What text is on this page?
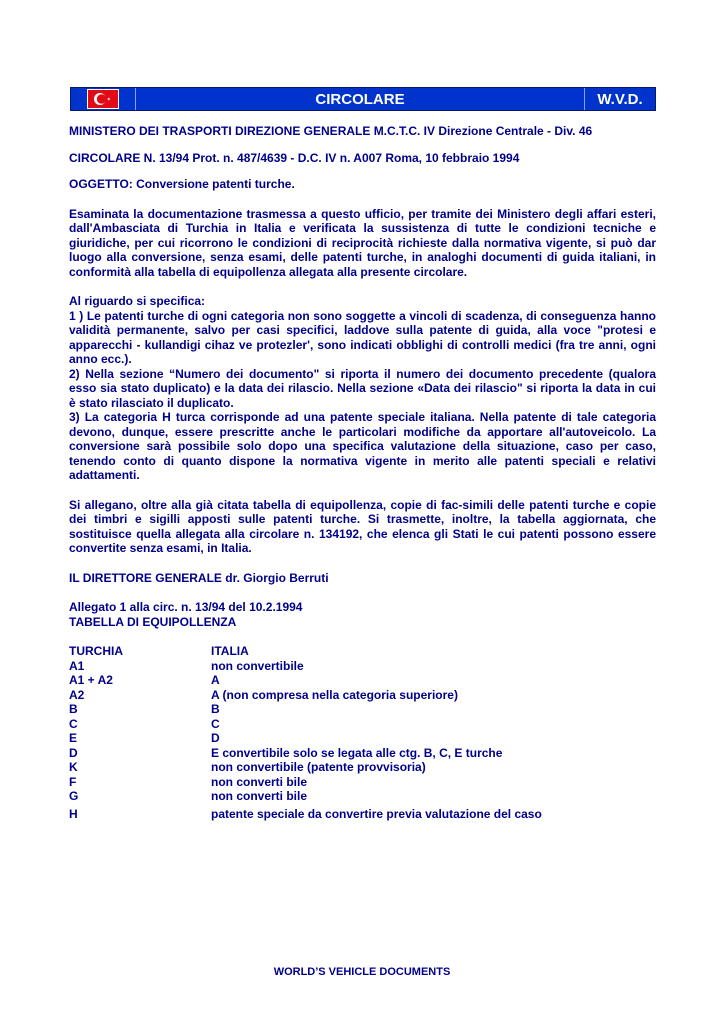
CIRCOLARE	W.V.D.

MINISTERO DEI TRASPORTI DIREZIONE GENERALE M.C.T.C. IV Direzione Centrale - Div. 46

CIRCOLARE N. 13/94 Prot. n. 487/4639 - D.C. IV n. A007 Roma, 10 febbraio 1994

OGGETTO: Conversione patenti turche.

Esaminata la documentazione trasmessa a questo ufficio, per tramite dei Ministero degli affari esteri, dall'Ambasciata di Turchia in Italia e verificata la sussistenza di tutte le condizioni tecniche e giuridiche, per cui ricorrono le condizioni di reciprocità richieste dalla normativa vigente, si può dar luogo alla conversione, senza esami, delle patenti turche, in analoghi documenti di guida italiani, in conformità alla tabella di equipollenza allegata alla presente circolare.

Al riguardo si specifica:

1 ) Le patenti turche di ogni categoria non sono soggette a vincoli di scadenza, di conseguenza hanno validità permanente, salvo per casi specifici, laddove sulla patente di guida, alla voce "protesi e apparecchi - kullandigi cihaz ve protezler', sono indicati obblighi di controlli medici (fra tre anni, ogni anno ecc.).

2) Nella sezione “Numero dei documento" si riporta il numero dei documento precedente (qualora esso sia stato duplicato) e la data dei rilascio. Nella sezione «Data dei rilascio" si riporta la data in cui è stato rilasciato il duplicato.

3) La categoria H turca corrisponde ad una patente speciale italiana. Nella patente di tale categoria devono, dunque, essere prescritte anche le particolari modifiche da apportare all'autoveicolo. La conversione sarà possibile solo dopo una specifica valutazione della situazione, caso per caso, tenendo conto di quanto dispone la normativa vigente in merito alle patenti speciali e relativi adattamenti.

Si allegano, oltre alla già citata tabella di equipollenza, copie di fac-simili delle patenti turche e copie dei timbri e sigilli apposti sulle patenti turche. Si trasmette, inoltre, la tabella aggiornata, che sostituisce quella allegata alla circolare n. 134192, che elenca gli Stati le cui patenti possono essere convertite senza esami, in Italia.

IL DIRETTORE GENERALE dr. Giorgio Berruti

Allegato 1 alla circ. n. 13/94 del 10.2.1994

TABELLA DI EQUIPOLLENZA

TURCHIA	ITALIA
A1	non convertibile
A1 + A2	A
A2	A (non compresa nella categoria superiore)
B	B
C	C
E	D
D	E convertibile solo se legata alle ctg. B, C, E turche
K	non convertibile (patente provvisoria)
F	non converti bile
G	non converti bile
H	patente speciale da convertire previa valutazione del caso
WORLD’S VEHICLE DOCUMENTS
